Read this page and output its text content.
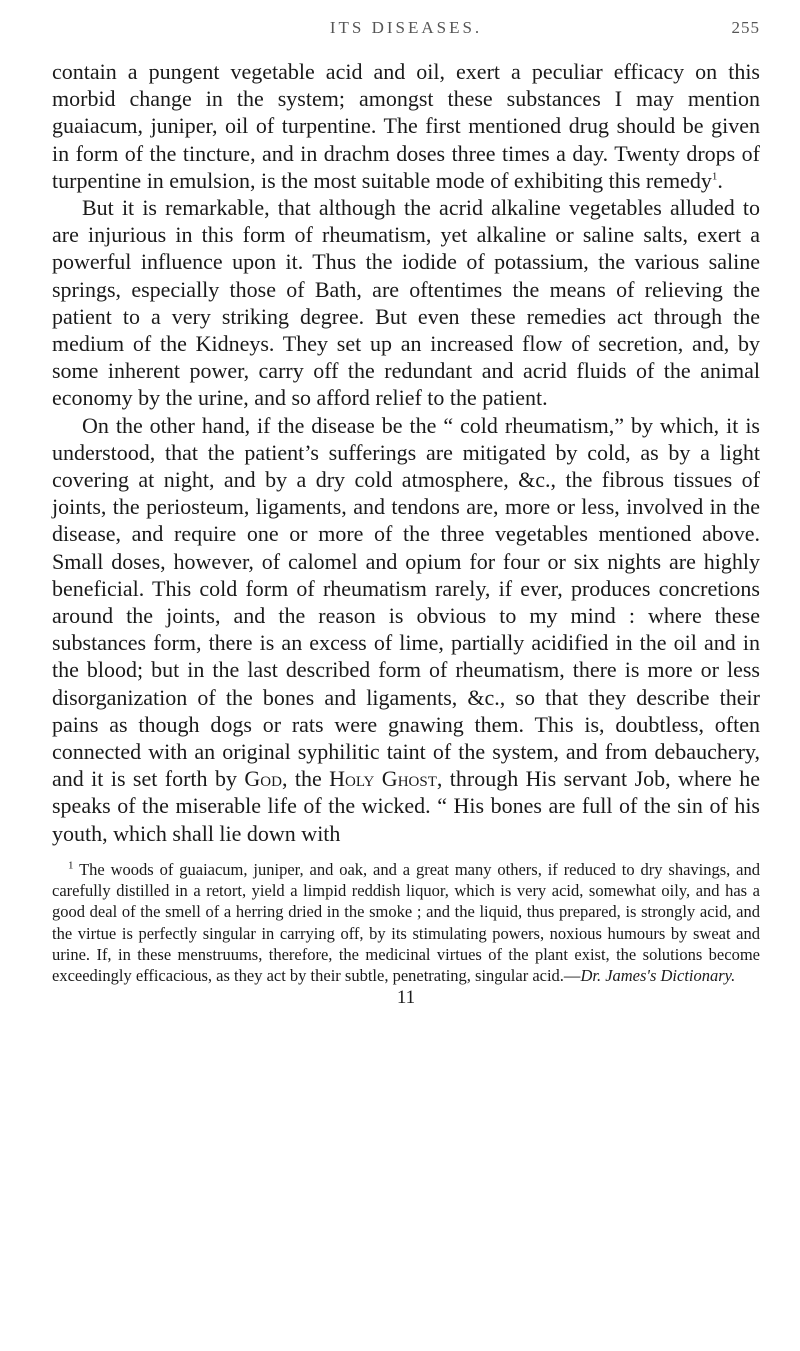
ITS DISEASES.	255

contain a pungent vegetable acid and oil, exert a peculiar efficacy on this morbid change in the system; amongst these substances I may mention guaiacum, juniper, oil of turpentine. The first mentioned drug should be given in form of the tincture, and in drachm doses three times a day. Twenty drops of turpentine in emulsion, is the most suitable mode of exhibiting this remedy$^1$.

But it is remarkable, that although the acrid alkaline vegetables alluded to are injurious in this form of rheumatism, yet alkaline or saline salts, exert a powerful influence upon it. Thus the iodide of potassium, the various saline springs, especially those of Bath, are oftentimes the means of relieving the patient to a very striking degree. But even these remedies act through the medium of the Kidneys. They set up an increased flow of secretion, and, by some inherent power, carry off the redundant and acrid fluids of the animal economy by the urine, and so afford relief to the patient.

On the other hand, if the disease be the “ cold rheumatism,” by which, it is understood, that the patient’s sufferings are mitigated by cold, as by a light covering at night, and by a dry cold atmosphere, &c., the fibrous tissues of joints, the periosteum, ligaments, and tendons are, more or less, involved in the disease, and require one or more of the three vegetables mentioned above. Small doses, however, of calomel and opium for four or six nights are highly beneficial. This cold form of rheumatism rarely, if ever, produces concretions around the joints, and the reason is obvious to my mind : where these substances form, there is an excess of lime, partially acidified in the oil and in the blood; but in the last described form of rheumatism, there is more or less disorganization of the bones and ligaments, &c., so that they describe their pains as though dogs or rats were gnawing them. This is, doubtless, often connected with an original syphilitic taint of the system, and from debauchery, and it is set forth by God, the Holy Ghost, through His servant Job, where he speaks of the miserable life of the wicked. “ His bones are full of the sin of his youth, which shall lie down with

$^1$ The woods of guaiacum, juniper, and oak, and a great many others, if reduced to dry shavings, and carefully distilled in a retort, yield a limpid reddish liquor, which is very acid, somewhat oily, and has a good deal of the smell of a herring dried in the smoke ; and the liquid, thus prepared, is strongly acid, and the virtue is perfectly singular in carrying off, by its stimulating powers, noxious humours by sweat and urine. If, in these menstruums, therefore, the medicinal virtues of the plant exist, the solutions become exceedingly efficacious, as they act by their subtle, penetrating, singular acid.—Dr. James's Dictionary.

11
